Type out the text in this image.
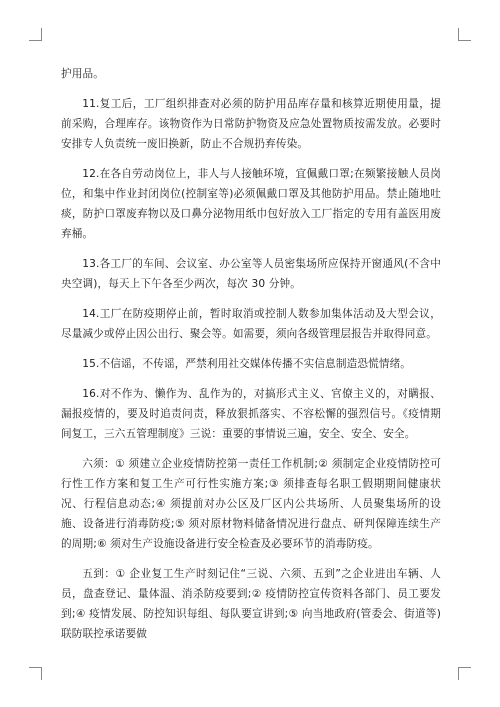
护用品。

11.复工后，工厂组织排查对必须的防护用品库存量和核算近期使用量，提前采购，合理库存。该物资作为日常防护物资及应急处置物质按需发放。必要时安排专人负责统一废旧换新，防止不合规扔弃传染。

12.在各自劳动岗位上，非人与人接触环境，宜佩戴口罩;在频繁接触人员岗位，和集中作业封闭岗位(控制室等)必须佩戴口罩及其他防护用品。禁止随地吐痰，防护口罩废弃物以及口鼻分泌物用纸巾包好放入工厂指定的专用有盖医用废弃桶。

13.各工厂的车间、会议室、办公室等人员密集场所应保持开窗通风(不含中央空调)，每天上下午各至少两次，每次 30 分钟。

14.工厂在防疫期停止前，暂时取消或控制人数参加集体活动及大型会议，尽量减少或停止因公出行、聚会等。如需要，须向各级管理层报告并取得同意。

15.不信谣，不传谣，严禁利用社交媒体传播不实信息制造恐慌情绪。

16.对不作为、懒作为、乱作为的，对搞形式主义、官僚主义的，对瞒报、漏报疫情的，要及时追责问责，释放狠抓落实、不容松懈的强烈信号。《疫情期间复工，三六五管理制度》三说：重要的事情说三遍，安全、安全、安全。

六须：① 须建立企业疫情防控第一责任工作机制;② 须制定企业疫情防控可行性工作方案和复工生产可行性实施方案;③ 须排查每名职工假期期间健康状况、行程信息动态;④ 须提前对办公区及厂区内公共场所、人员聚集场所的设施、设备进行消毒防疫;⑤ 须对原材物料储备情况进行盘点、研判保障连续生产的周期;⑥ 须对生产设施设备进行安全检查及必要环节的消毒防疫。

五到：① 企业复工生产时刻记住“三说、六须、五到”之企业进出车辆、人员，盘查登记、量体温、消杀防疫要到;② 疫情防控宣传资料各部门、员工要发到;④ 疫情发展、防控知识每组、每队要宣讲到;⑤ 向当地政府(管委会、街道等)联防联控承诺要做
